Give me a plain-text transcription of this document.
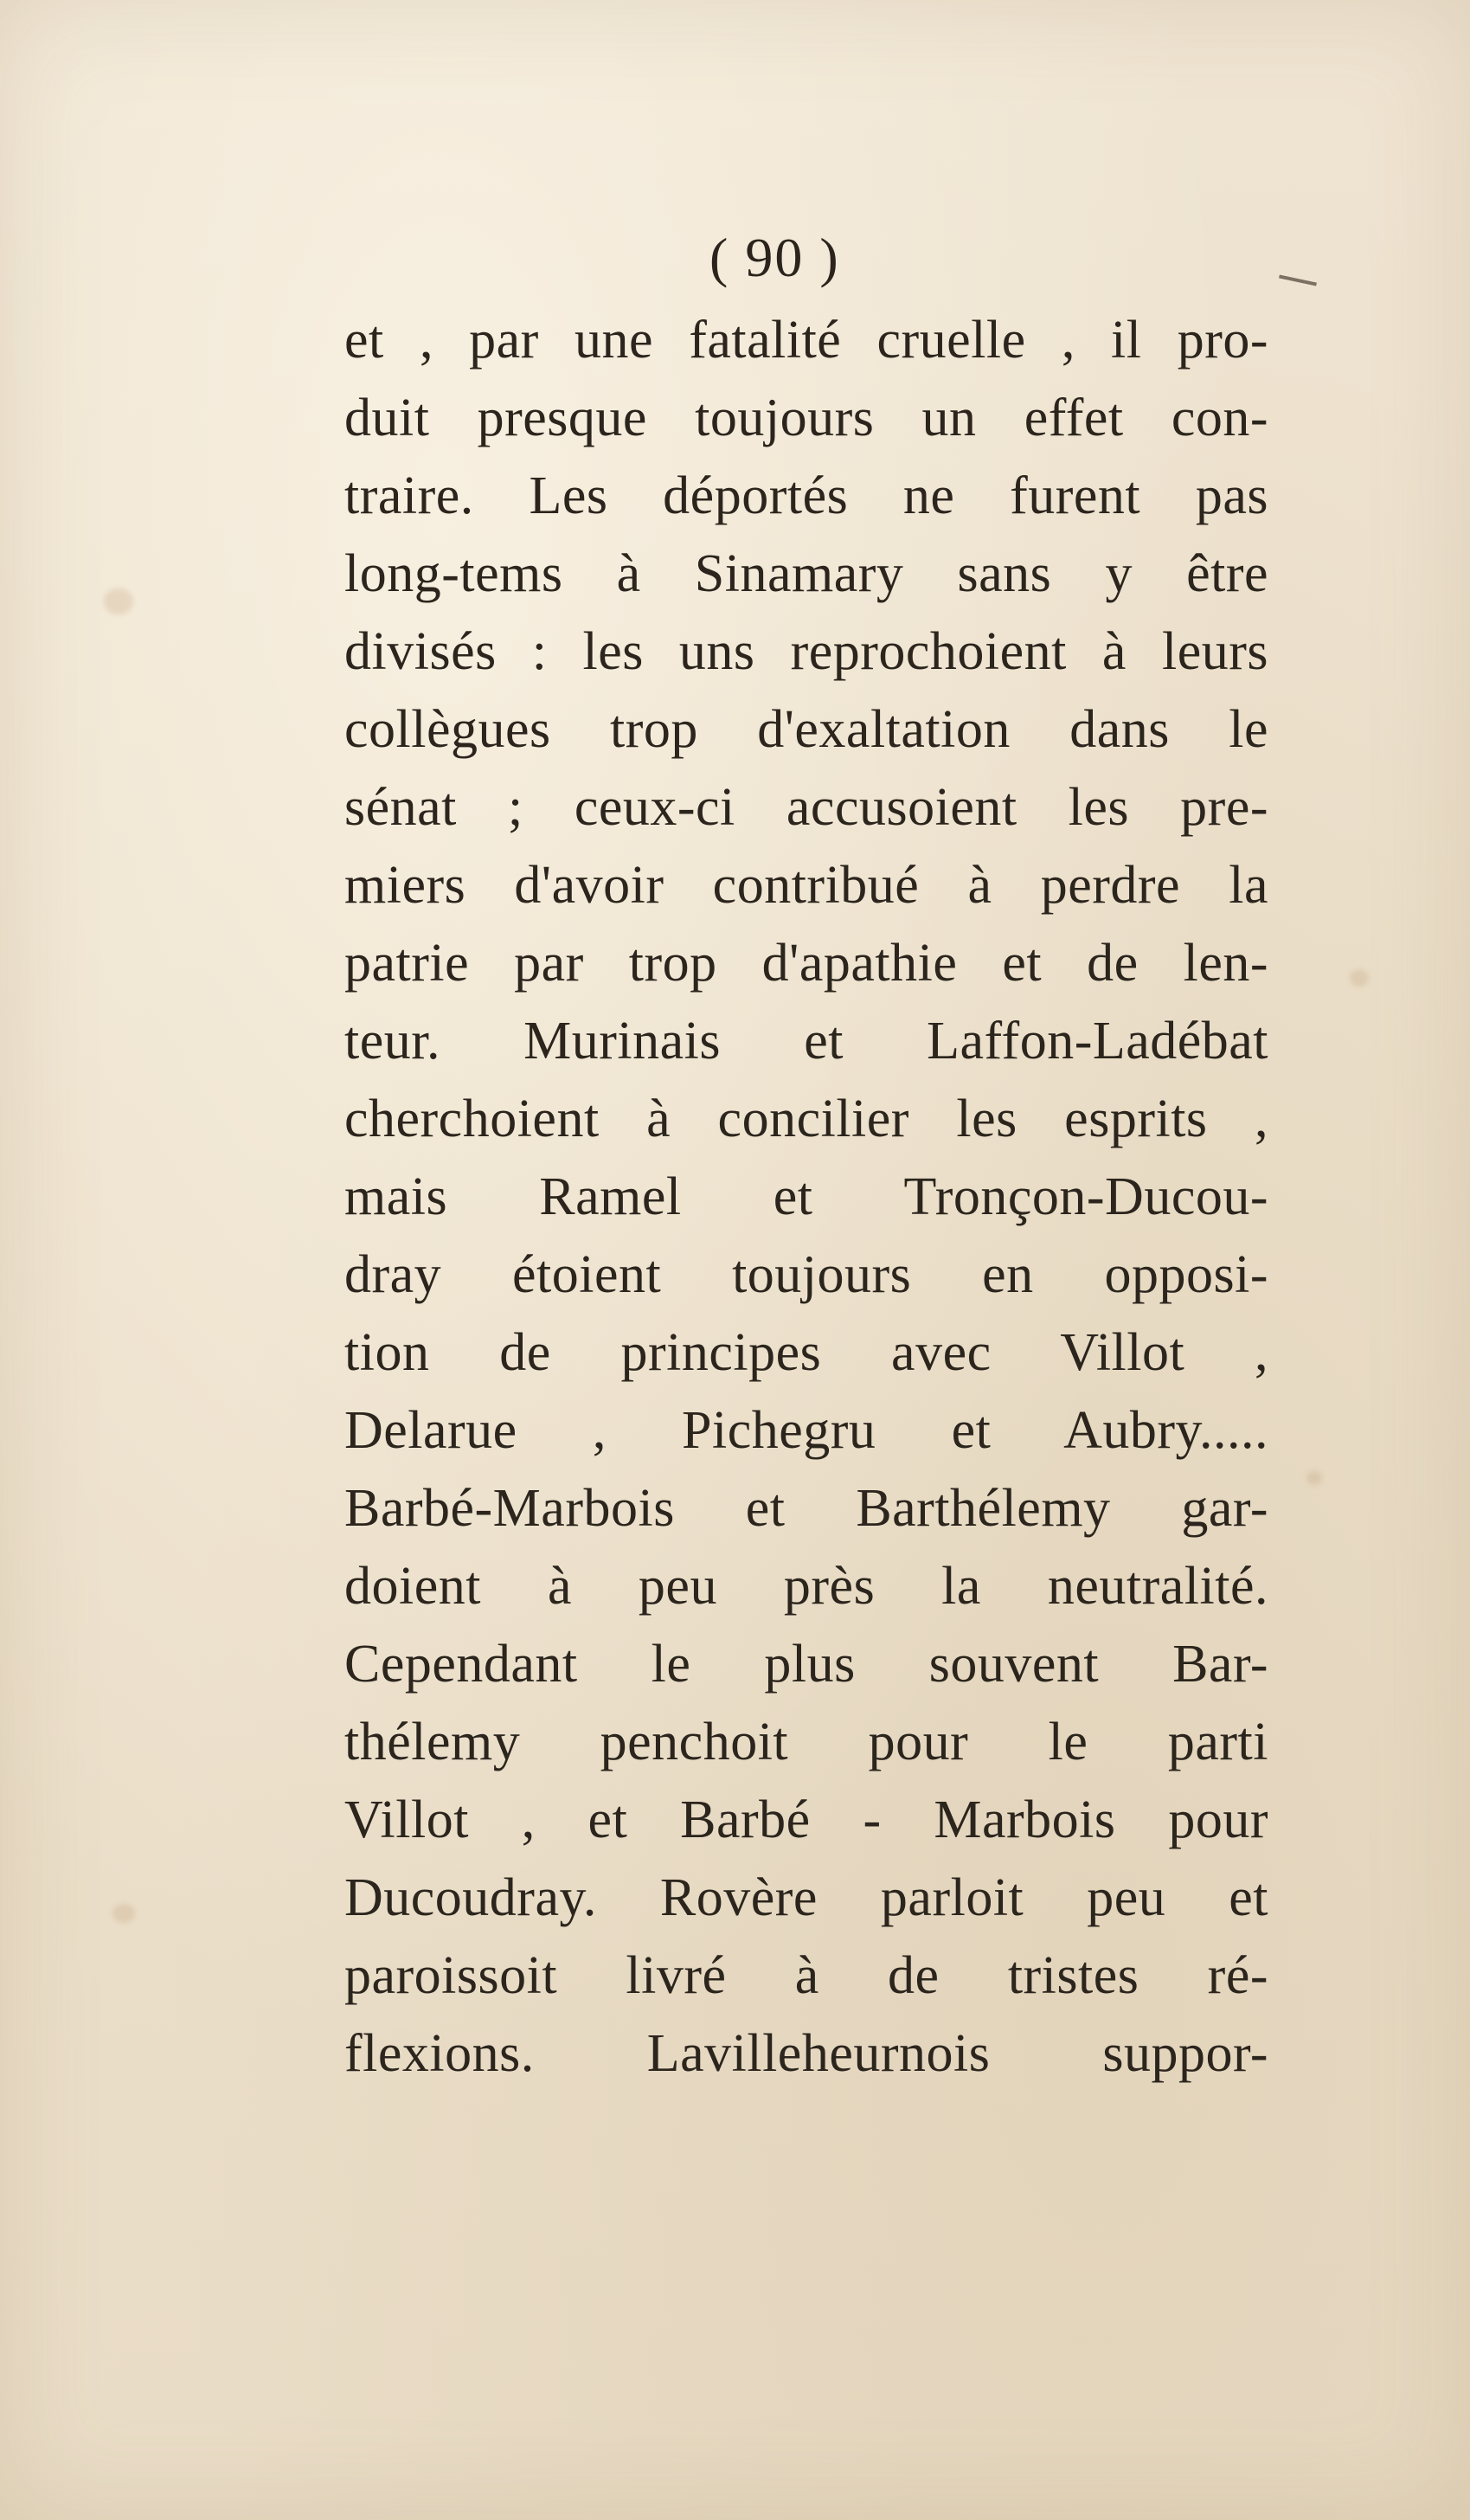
( 90 )
et , par une fatalité cruelle , il pro-
duit presque toujours un effet con-
traire. Les déportés ne furent pas
long-tems à Sinamary sans y être
divisés : les uns reprochoient à leurs
collègues trop d'exaltation dans le
sénat ; ceux-ci accusoient les pre-
miers d'avoir contribué à perdre la
patrie par trop d'apathie et de len-
teur. Murinais et Laffon-Ladébat
cherchoient à concilier les esprits ,
mais Ramel et Tronçon-Ducou-
dray étoient toujours en opposi-
tion de principes avec Villot ,
Delarue , Pichegru et Aubry.....
Barbé-Marbois et Barthélemy gar-
doient à peu près la neutralité.
Cependant le plus souvent Bar-
thélemy penchoit pour le parti
Villot , et Barbé - Marbois pour
Ducoudray. Rovère parloit peu et
paroissoit livré à de tristes ré-
flexions. Lavilleheurnois suppor-
